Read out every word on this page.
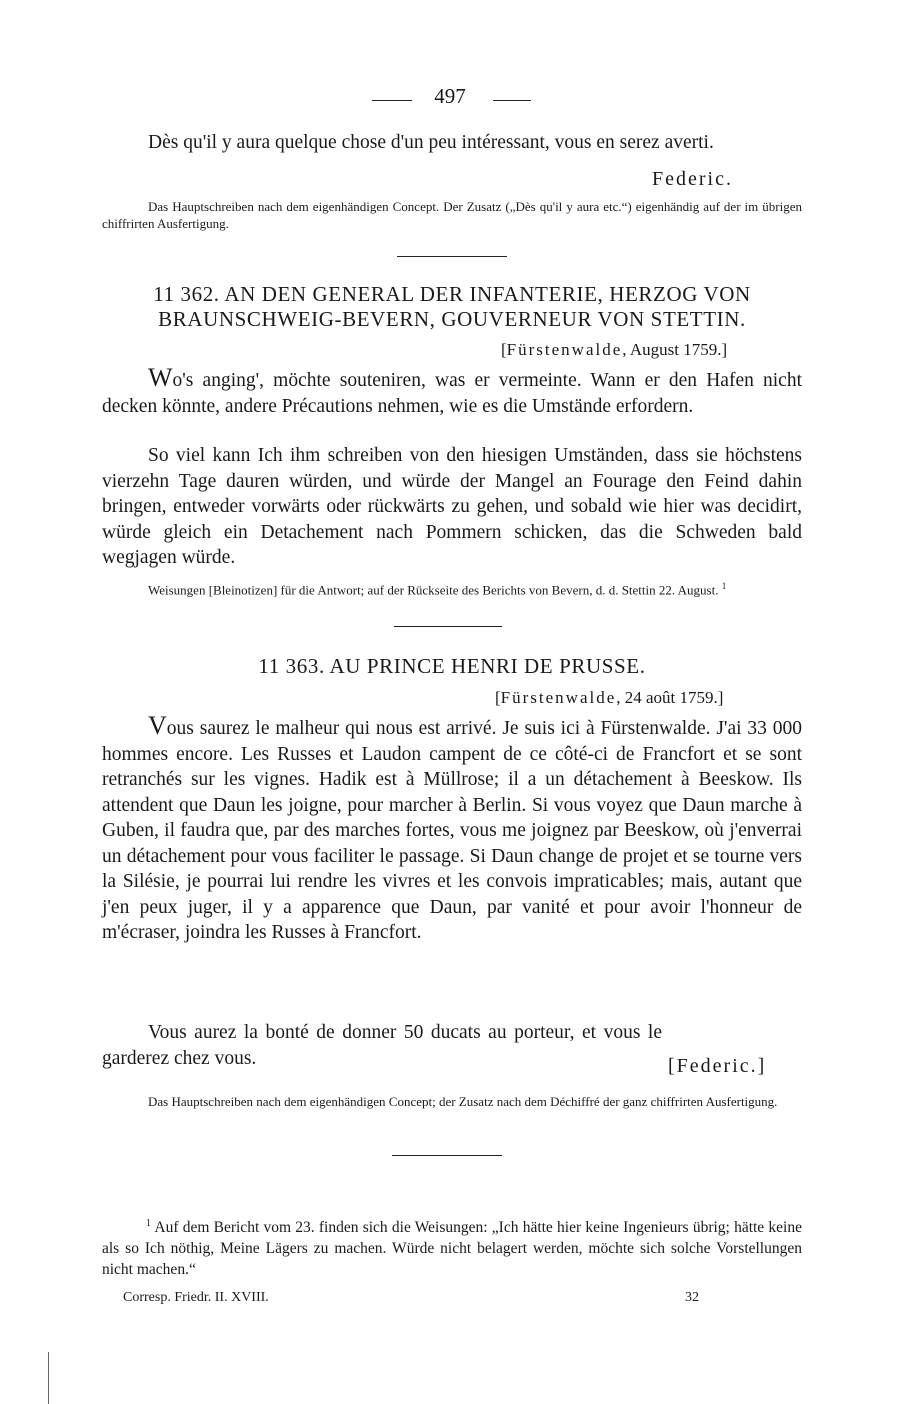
497

Dès qu'il y aura quelque chose d'un peu intéressant, vous en serez averti.

Federic.

Das Hauptschreiben nach dem eigenhändigen Concept. Der Zusatz („Dès qu'il y aura etc.“) eigenhändig auf der im übrigen chiffrirten Ausfertigung.

11 362. AN DEN GENERAL DER INFANTERIE, HERZOG VON
BRAUNSCHWEIG-BEVERN, GOUVERNEUR VON STETTIN.
[Fürstenwalde, August 1759.]

Wo's anging', möchte souteniren, was er vermeinte. Wann er den Hafen nicht decken könnte, andere Précautions nehmen, wie es die Umstände erfordern.

So viel kann Ich ihm schreiben von den hiesigen Umständen, dass sie höchstens vierzehn Tage dauren würden, und würde der Mangel an Fourage den Feind dahin bringen, entweder vorwärts oder rückwärts zu gehen, und sobald wie hier was decidirt, würde gleich ein Detachement nach Pommern schicken, das die Schweden bald wegjagen würde.

Weisungen [Bleinotizen] für die Antwort; auf der Rückseite des Berichts von Bevern, d. d. Stettin 22. August. $^1$

11 363. AU PRINCE HENRI DE PRUSSE.
[Fürstenwalde, 24 août 1759.]

Vous saurez le malheur qui nous est arrivé. Je suis ici à Fürstenwalde. J'ai 33 000 hommes encore. Les Russes et Laudon campent de ce côté-ci de Francfort et se sont retranchés sur les vignes. Hadik est à Müllrose; il a un détachement à Beeskow. Ils attendent que Daun les joigne, pour marcher à Berlin. Si vous voyez que Daun marche à Guben, il faudra que, par des marches fortes, vous me joignez par Beeskow, où j'enverrai un détachement pour vous faciliter le passage. Si Daun change de projet et se tourne vers la Silésie, je pourrai lui rendre les vivres et les convois impraticables; mais, autant que j'en peux juger, il y a apparence que Daun, par vanité et pour avoir l'honneur de m'écraser, joindra les Russes à Francfort.

Vous aurez la bonté de donner 50 ducats au porteur, et vous le garderez chez vous.	[Federic.]

Das Hauptschreiben nach dem eigenhändigen Concept; der Zusatz nach dem Déchiffré der ganz chiffrirten Ausfertigung.

$^1$ Auf dem Bericht vom 23. finden sich die Weisungen: „Ich hätte hier keine Ingenieurs übrig; hätte keine als so Ich nöthig, Meine Lägers zu machen. Würde nicht belagert werden, möchte sich solche Vorstellungen nicht machen.“

Corresp. Friedr. II. XVIII.	32
